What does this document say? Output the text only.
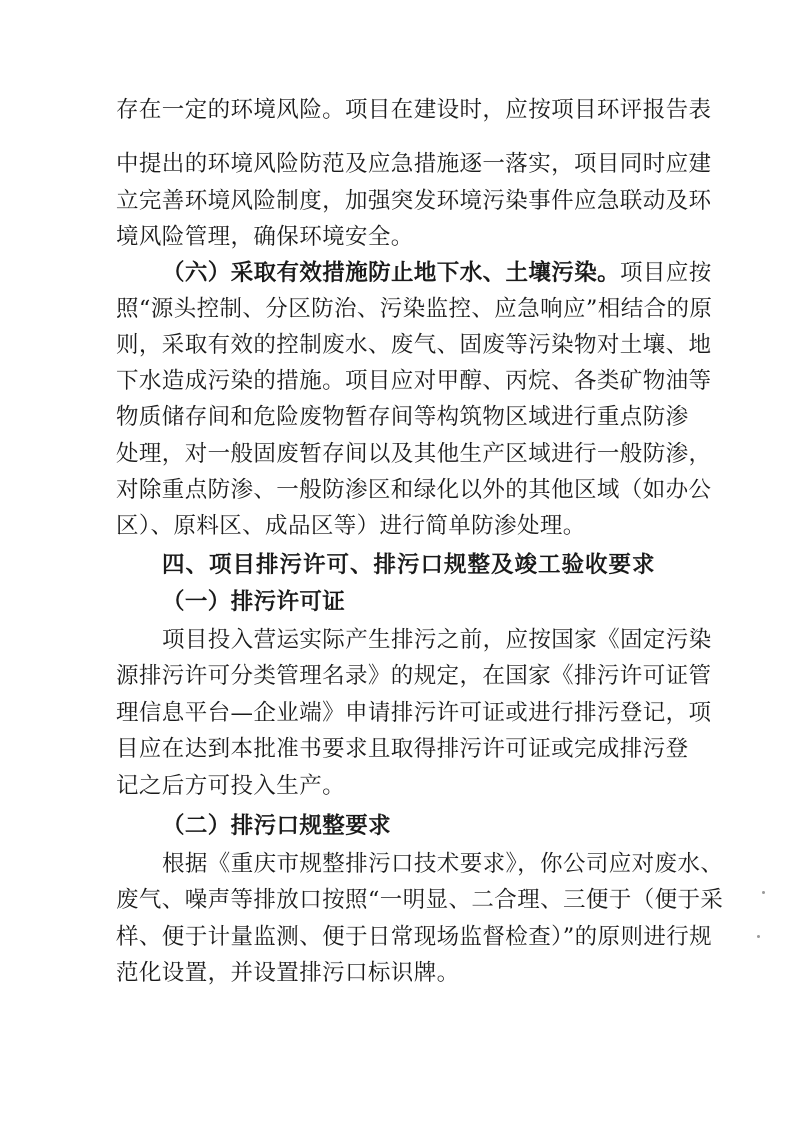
存在一定的环境风险。项目在建设时，应按项目环评报告表
中提出的环境风险防范及应急措施逐一落实，项目同时应建
立完善环境风险制度，加强突发环境污染事件应急联动及环
境风险管理，确保环境安全。
（六）采取有效措施防止地下水、土壤污染。项目应按
照“源头控制、分区防治、污染监控、应急响应”相结合的原
则，采取有效的控制废水、废气、固废等污染物对土壤、地
下水造成污染的措施。项目应对甲醇、丙烷、各类矿物油等
物质储存间和危险废物暂存间等构筑物区域进行重点防渗
处理，对一般固废暂存间以及其他生产区域进行一般防渗，
对除重点防渗、一般防渗区和绿化以外的其他区域（如办公
区）、原料区、成品区等）进行简单防渗处理。
四、项目排污许可、排污口规整及竣工验收要求
（一）排污许可证
项目投入营运实际产生排污之前，应按国家《固定污染
源排污许可分类管理名录》的规定，在国家《排污许可证管
理信息平台—企业端》申请排污许可证或进行排污登记，项
目应在达到本批准书要求且取得排污许可证或完成排污登
记之后方可投入生产。
（二）排污口规整要求
根据《重庆市规整排污口技术要求》，你公司应对废水、
废气、噪声等排放口按照“一明显、二合理、三便于（便于采
样、便于计量监测、便于日常现场监督检查）”的原则进行规
范化设置，并设置排污口标识牌。
